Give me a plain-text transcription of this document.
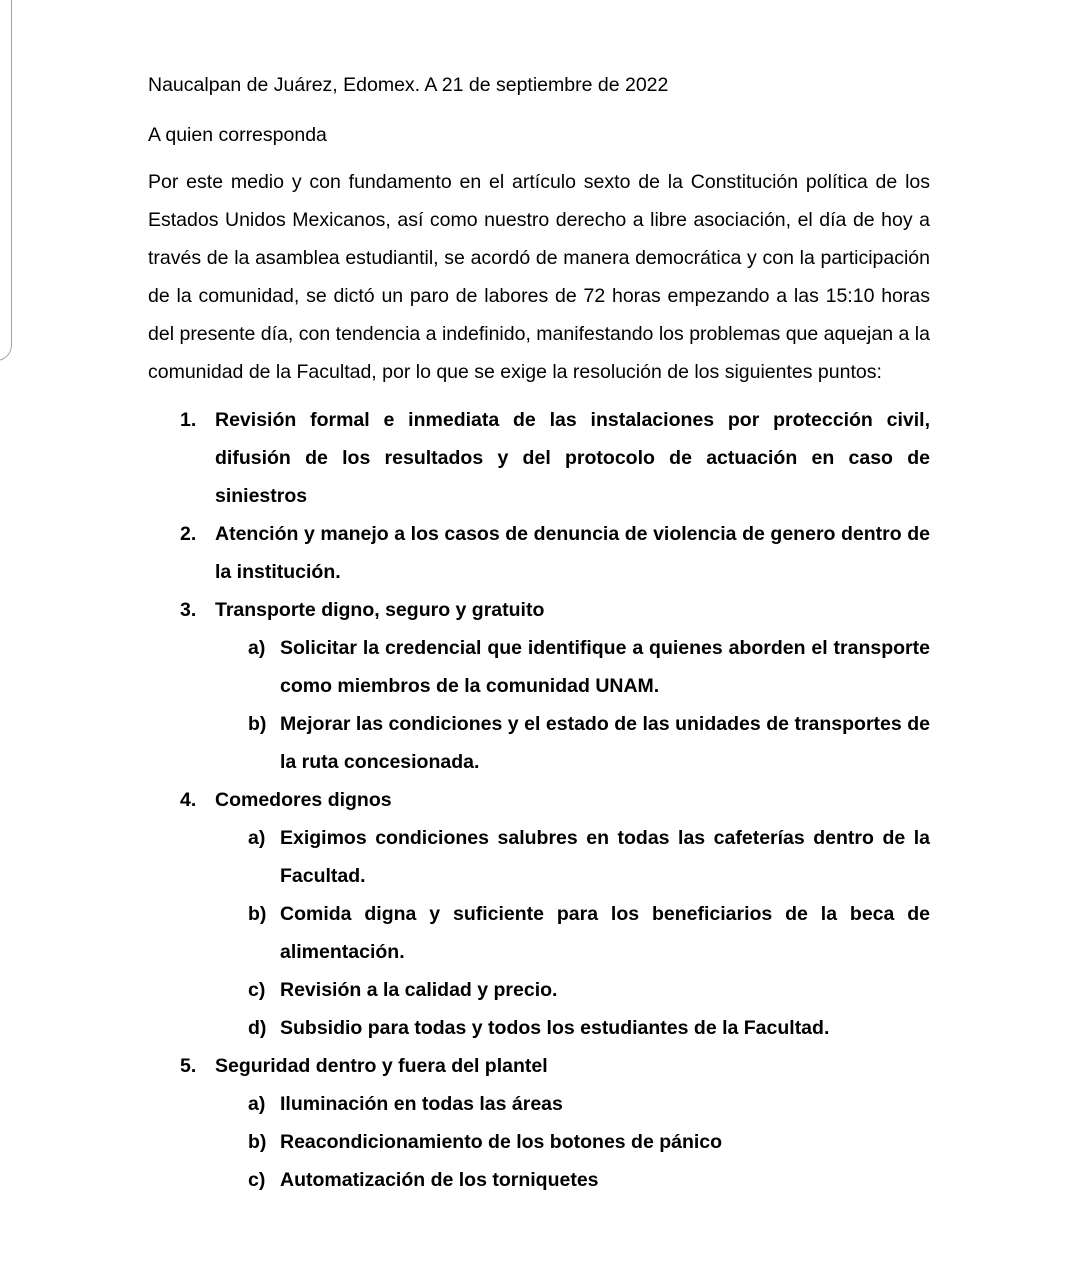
Naucalpan de Juárez, Edomex. A 21 de septiembre de 2022

A quien corresponda

Por este medio y con fundamento en el artículo sexto de la Constitución política de los Estados Unidos Mexicanos, así como nuestro derecho a libre asociación, el día de hoy a través de la asamblea estudiantil, se acordó de manera democrática y con la participación de la comunidad, se dictó un paro de labores de 72 horas empezando a las 15:10 horas del presente día, con tendencia a indefinido, manifestando los problemas que aquejan a la comunidad de la Facultad, por lo que se exige la resolución de los siguientes puntos:

1. Revisión formal e inmediata de las instalaciones por protección civil, difusión de los resultados y del protocolo de actuación en caso de siniestros
2. Atención y manejo a los casos de denuncia de violencia de genero dentro de la institución.
3. Transporte digno, seguro y gratuito
a) Solicitar la credencial que identifique a quienes aborden el transporte como miembros de la comunidad UNAM.
b) Mejorar las condiciones y el estado de las unidades de transportes de la ruta concesionada.
4. Comedores dignos
a) Exigimos condiciones salubres en todas las cafeterías dentro de la Facultad.
b) Comida digna y suficiente para los beneficiarios de la beca de alimentación.
c) Revisión a la calidad y precio.
d) Subsidio para todas y todos los estudiantes de la Facultad.
5. Seguridad dentro y fuera del plantel
a) Iluminación en todas las áreas
b) Reacondicionamiento de los botones de pánico
c) Automatización de los torniquetes
